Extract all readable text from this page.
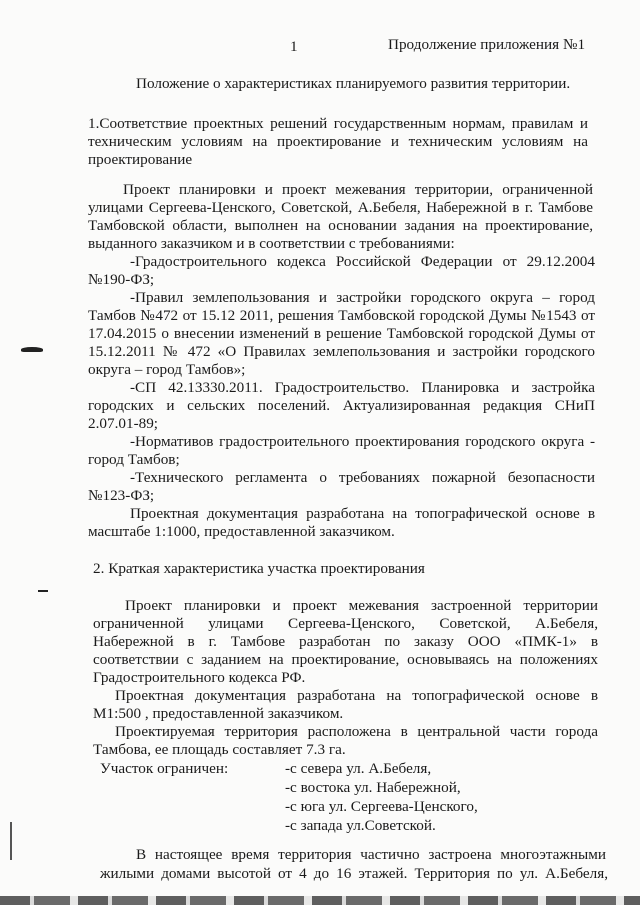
1	Продолжение приложения №1
Положение о характеристиках планируемого развития территории.
1.Соответствие проектных решений государственным нормам, правилам и
техническим условиям на проектирование и техническим условиям на
проектирование
Проект планировки и проект межевания территории, ограниченной
улицами Сергеева-Ценского, Советской, А.Бебеля, Набережной в г. Тамбове
Тамбовской области, выполнен на основании задания на проектирование,
выданного заказчиком и в соответствии с требованиями:
-Градостроительного кодекса Российской Федерации от 29.12.2004
№190-ФЗ;
-Правил землепользования и застройки городского округа – город
Тамбов №472 от 15.12 2011, решения Тамбовской городской Думы №1543 от
17.04.2015 о внесении изменений в решение Тамбовской городской Думы от
15.12.2011 № 472 «О Правилах землепользования и застройки городского
округа – город Тамбов»;
-СП 42.13330.2011. Градостроительство. Планировка и застройка
городских и сельских поселений. Актуализированная редакция СНиП
2.07.01-89;
-Нормативов градостроительного проектирования городского округа -
город Тамбов;
-Технического регламента о требованиях пожарной безопасности
№123-ФЗ;
Проектная документация разработана на топографической основе в
масштабе 1:1000, предоставленной заказчиком.
2. Краткая характеристика участка проектирования
Проект планировки и проект межевания застроенной территории
ограниченной улицами Сергеева-Ценского, Советской, А.Бебеля,
Набережной в г. Тамбове разработан по заказу ООО «ПМК-1» в
соответствии с заданием на проектирование, основываясь на положениях
Градостроительного кодекса РФ.
Проектная документация разработана на топографической основе в
М1:500 , предоставленной заказчиком.
Проектируемая территория расположена в центральной части города
Тамбова, ее площадь составляет 7.3 га.
Участок ограничен:	-с севера ул. А.Бебеля,
-с востока ул. Набережной,
-с юга ул. Сергеева-Ценского,
-с запада ул.Советской.
В настоящее время территория частично застроена многоэтажными
жилыми домами высотой от 4 до 16 этажей. Территория по ул. А.Бебеля,
